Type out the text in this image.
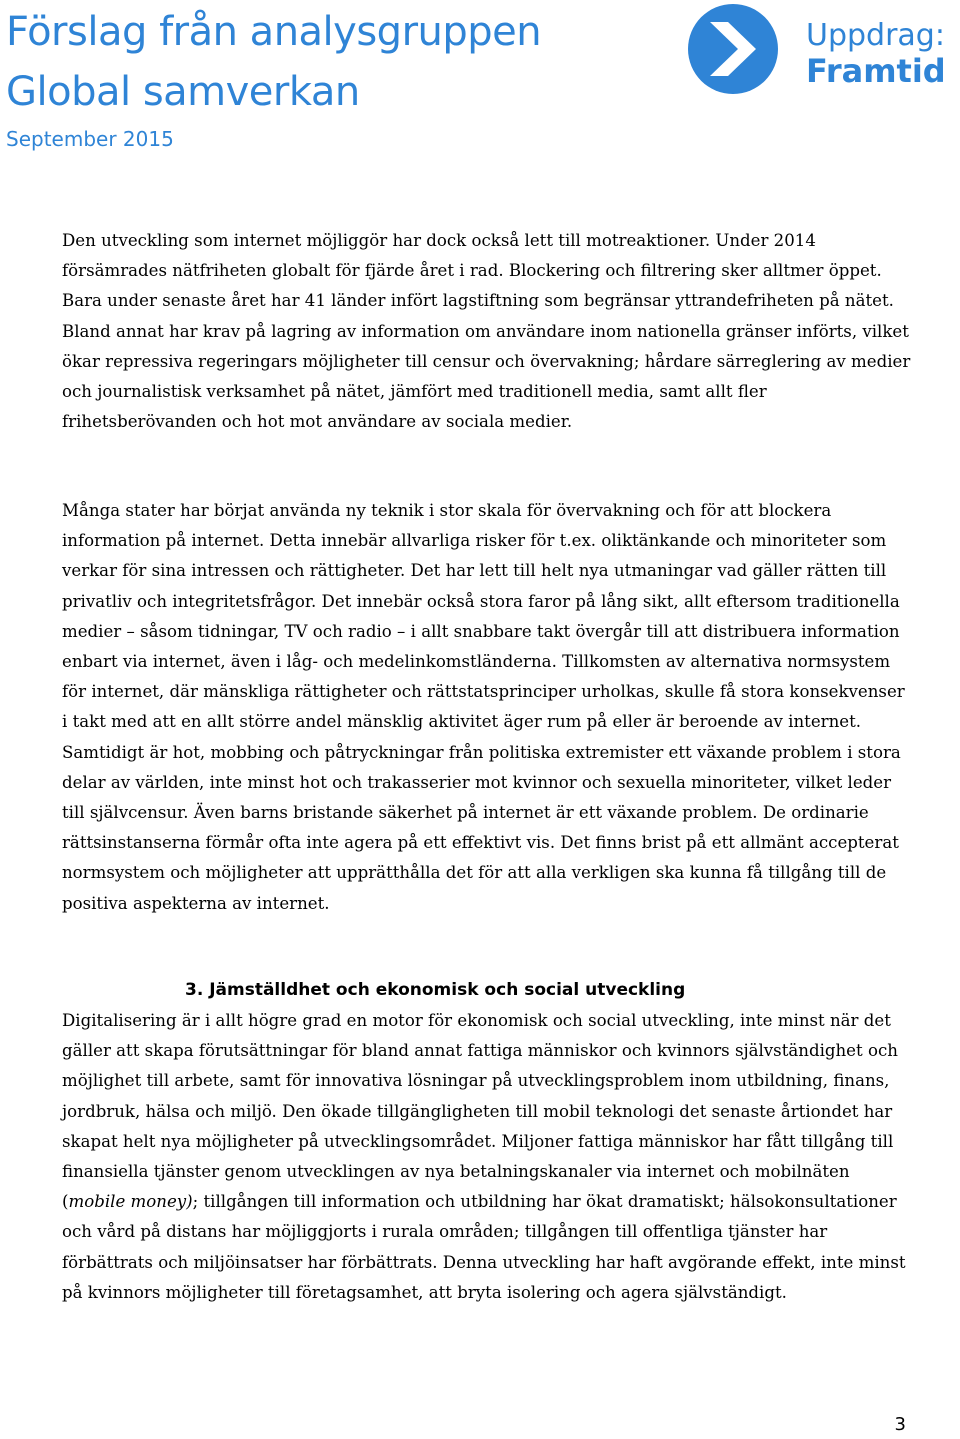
Förslag från analysgruppen
Global samverkan
September 2015
Uppdrag:
Framtid

Den utveckling som internet möjliggör har dock också lett till motreaktioner. Under 2014 försämrades nätfriheten globalt för fjärde året i rad. Blockering och filtrering sker alltmer öppet. Bara under senaste året har 41 länder infört lagstiftning som begränsar yttrandefriheten på nätet. Bland annat har krav på lagring av information om användare inom nationella gränser införts, vilket ökar repressiva regeringars möjligheter till censur och övervakning; hårdare särreglering av medier och journalistisk verksamhet på nätet, jämfört med traditionell media, samt allt fler frihetsberövanden och hot mot användare av sociala medier.

Många stater har börjat använda ny teknik i stor skala för övervakning och för att blockera information på internet. Detta innebär allvarliga risker för t.ex. oliktänkande och minoriteter som verkar för sina intressen och rättigheter. Det har lett till helt nya utmaningar vad gäller rätten till privatliv och integritetsfrågor. Det innebär också stora faror på lång sikt, allt eftersom traditionella medier – såsom tidningar, TV och radio – i allt snabbare takt övergår till att distribuera information enbart via internet, även i låg- och medelinkomstländerna. Tillkomsten av alternativa normsystem för internet, där mänskliga rättigheter och rättstatsprinciper urholkas, skulle få stora konsekvenser i takt med att en allt större andel mänsklig aktivitet äger rum på eller är beroende av internet. Samtidigt är hot, mobbing och påtryckningar från politiska extremister ett växande problem i stora delar av världen, inte minst hot och trakasserier mot kvinnor och sexuella minoriteter, vilket leder till självcensur. Även barns bristande säkerhet på internet är ett växande problem. De ordinarie rättsinstanserna förmår ofta inte agera på ett effektivt vis. Det finns brist på ett allmänt accepterat normsystem och möjligheter att upprätthålla det för att alla verkligen ska kunna få tillgång till de positiva aspekterna av internet.

3. Jämställdhet och ekonomisk och social utveckling

Digitalisering är i allt högre grad en motor för ekonomisk och social utveckling, inte minst när det gäller att skapa förutsättningar för bland annat fattiga människor och kvinnors självständighet och möjlighet till arbete, samt för innovativa lösningar på utvecklingsproblem inom utbildning, finans, jordbruk, hälsa och miljö. Den ökade tillgängligheten till mobil teknologi det senaste årtiondet har skapat helt nya möjligheter på utvecklingsområdet. Miljoner fattiga människor har fått tillgång till finansiella tjänster genom utvecklingen av nya betalningskanaler via internet och mobilnäten (mobile money); tillgången till information och utbildning har ökat dramatiskt; hälsokonsultationer och vård på distans har möjliggjorts i rurala områden; tillgången till offentliga tjänster har förbättrats och miljöinsatser har förbättrats. Denna utveckling har haft avgörande effekt, inte minst på kvinnors möjligheter till företagsamhet, att bryta isolering och agera självständigt.

3
